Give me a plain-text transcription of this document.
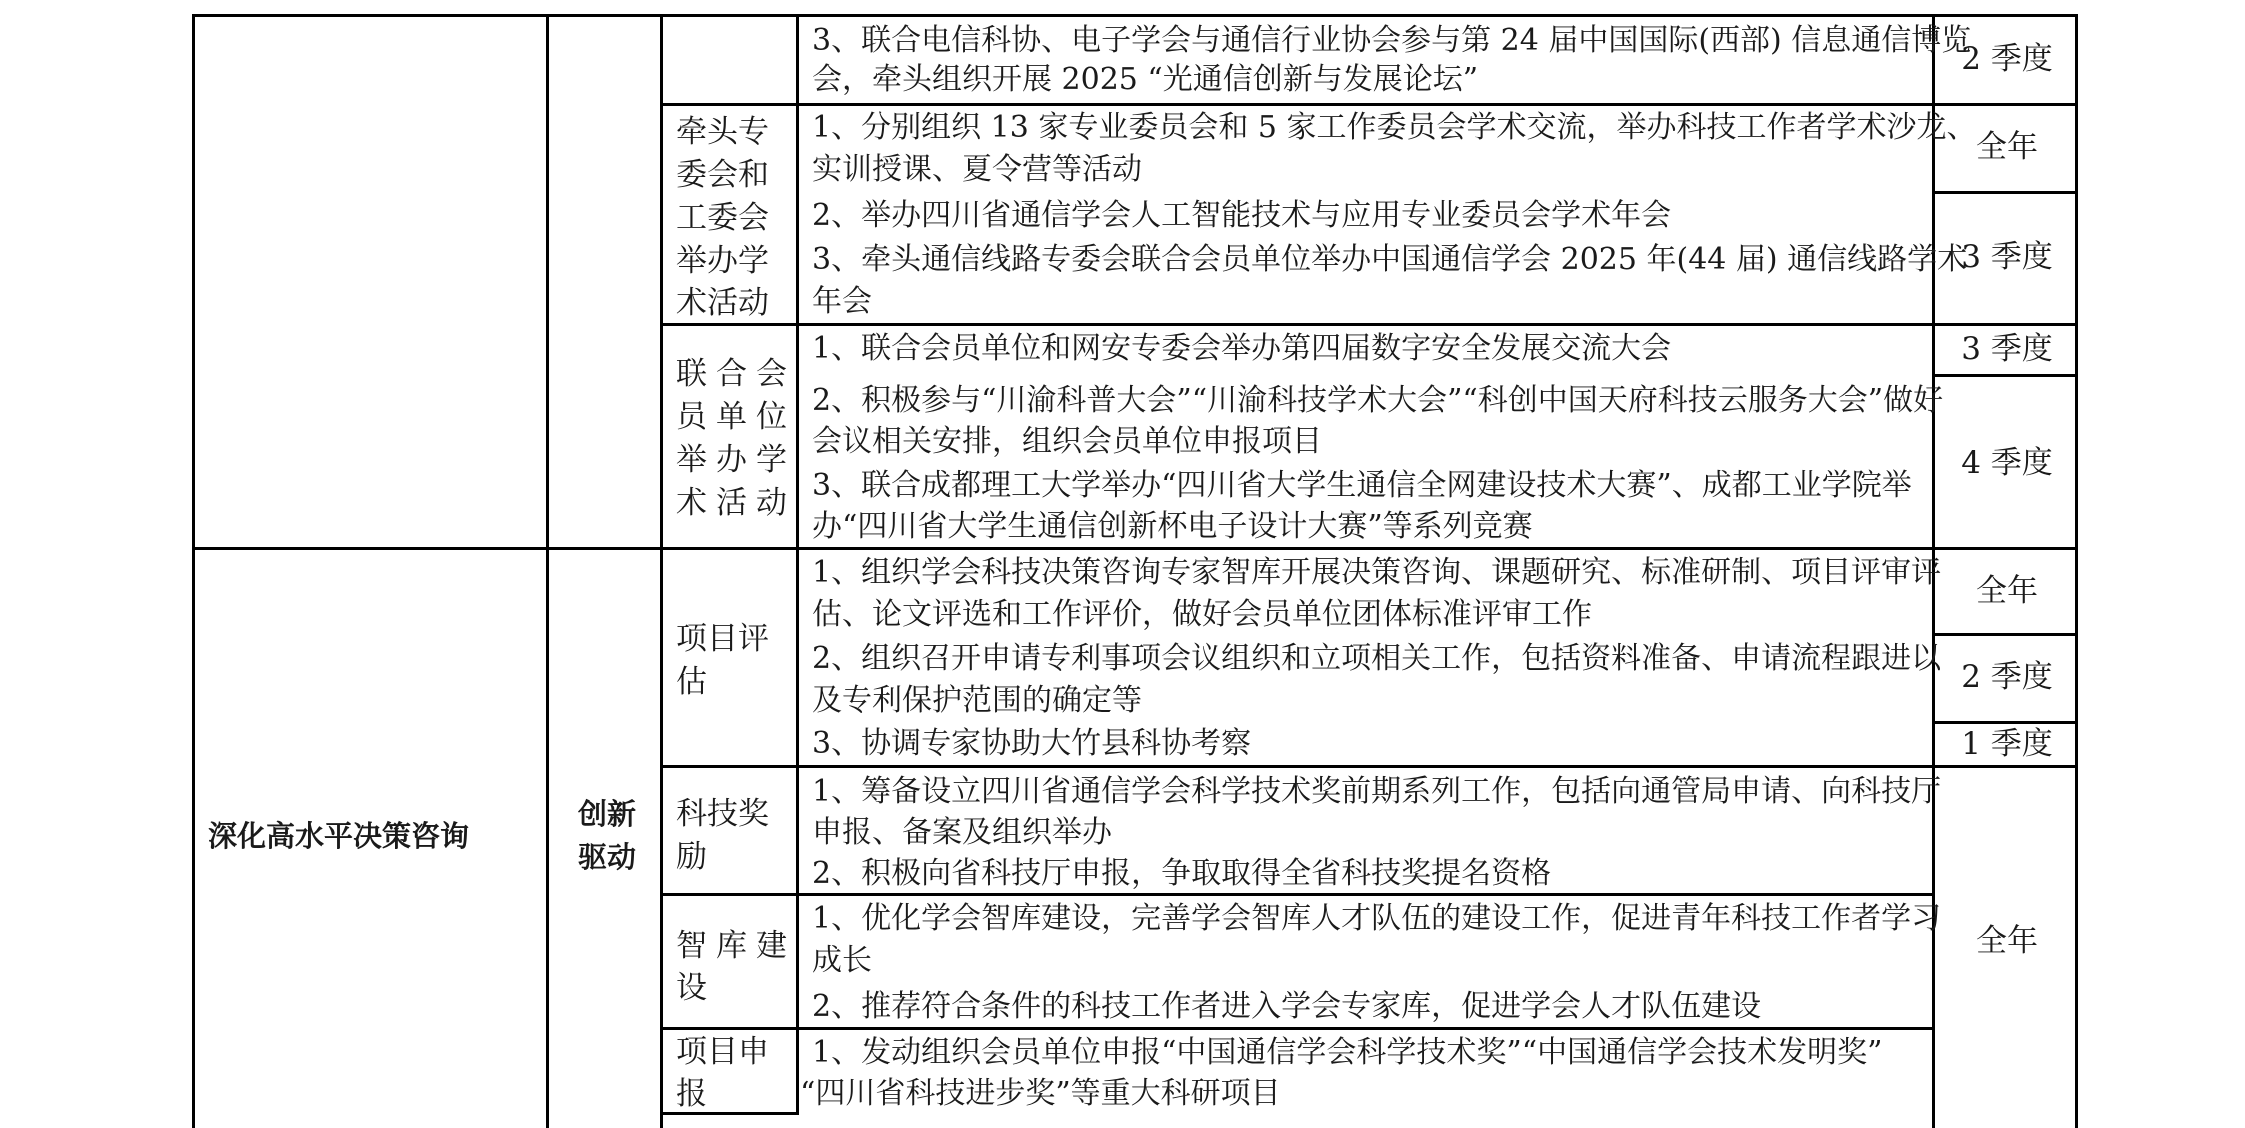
3、联合电信科协、电子学会与通信行业协会参与第 24 届中国国际(西部) 信息通信博览
会，牵头组织开展 2025 “光通信创新与发展论坛”
2 季度
牵头专
委会和
工委会
举办学
术活动
1、分别组织 13 家专业委员会和 5 家工作委员会学术交流，举办科技工作者学术沙龙、
实训授课、夏令营等活动
2、举办四川省通信学会人工智能技术与应用专业委员会学术年会
3、牵头通信线路专委会联合会员单位举办中国通信学会 2025 年(44 届) 通信线路学术
年会
全年
3 季度
联合会
员单位
举办学
术活动
1、联合会员单位和网安专委会举办第四届数字安全发展交流大会
2、积极参与“川渝科普大会”“川渝科技学术大会”“科创中国天府科技云服务大会”做好
会议相关安排，组织会员单位申报项目
3、联合成都理工大学举办“四川省大学生通信全网建设技术大赛”、成都工业学院举
办“四川省大学生通信创新杯电子设计大赛”等系列竞赛
3 季度
4 季度
深化高水平决策咨询
创新
驱动
项目评
估
1、组织学会科技决策咨询专家智库开展决策咨询、课题研究、标准研制、项目评审评
估、论文评选和工作评价，做好会员单位团体标准评审工作
2、组织召开申请专利事项会议组织和立项相关工作，包括资料准备、申请流程跟进以
及专利保护范围的确定等
3、协调专家协助大竹县科协考察
全年
2 季度
1 季度
科技奖
励
1、筹备设立四川省通信学会科学技术奖前期系列工作，包括向通管局申请、向科技厅
申报、备案及组织举办
2、积极向省科技厅申报，争取取得全省科技奖提名资格
智库建
设
1、优化学会智库建设，完善学会智库人才队伍的建设工作，促进青年科技工作者学习
成长
2、推荐符合条件的科技工作者进入学会专家库，促进学会人才队伍建设
全年
项目申
报
1、发动组织会员单位申报“中国通信学会科学技术奖”“中国通信学会技术发明奖”
“四川省科技进步奖”等重大科研项目
